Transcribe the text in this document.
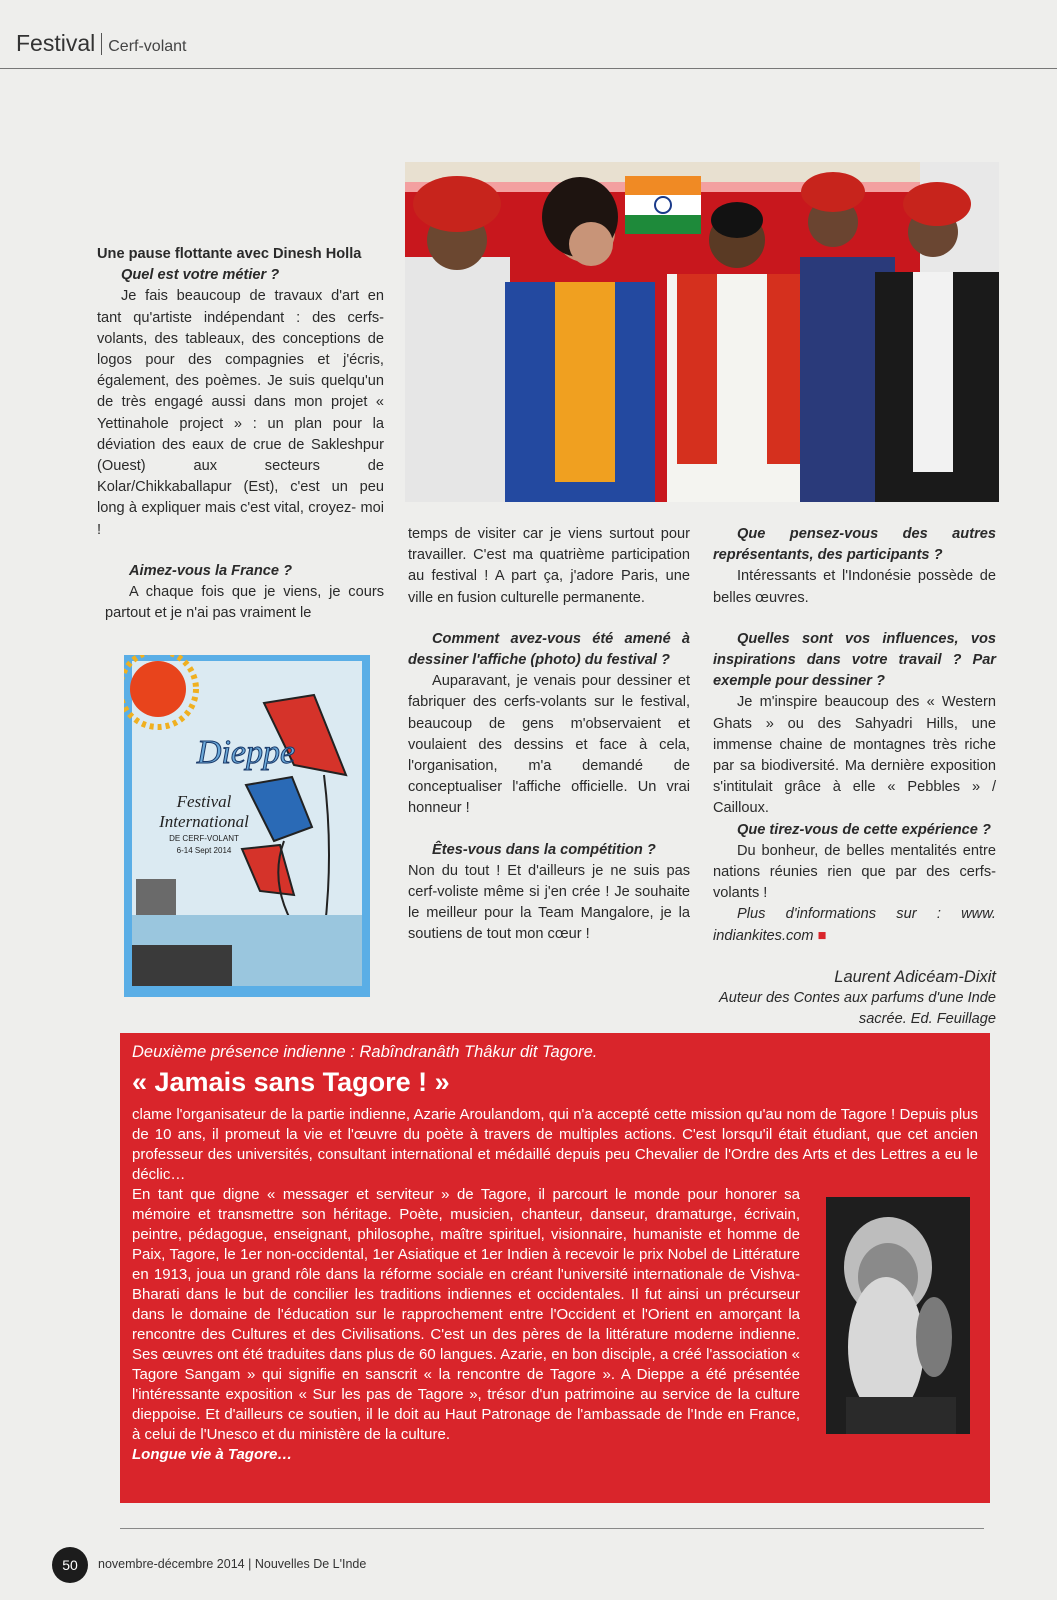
Festival Cerf-volant

Une pause flottante avec Dinesh Holla

Quel est votre métier ?

Je fais beaucoup de travaux d'art en tant qu'artiste indépendant : des cerfs-volants, des tableaux, des conceptions de logos pour des compagnies et j'écris, également, des poèmes. Je suis quelqu'un de très engagé aussi dans mon projet « Yettinahole project » : un plan pour la déviation des eaux de crue de Sakleshpur (Ouest) aux secteurs de Kolar/Chikkaballapur (Est), c'est un peu long à expliquer mais c'est vital, croyez- moi !

Aimez-vous la France ?

A chaque fois que je viens, je cours partout et je n'ai pas vraiment le

Dieppe
Festival
International
DE CERF-VOLANT
6-14 Sept 2014

temps de visiter car je viens surtout pour travailler. C'est ma quatrième participation au festival ! A part ça, j'adore Paris, une ville en fusion culturelle permanente.

Comment avez-vous été amené à dessiner l'affiche (photo) du festival ?

Auparavant, je venais pour dessiner et fabriquer des cerfs-volants sur le festival, beaucoup de gens m'observaient et voulaient des dessins et face à cela, l'organisation, m'a demandé de conceptualiser l'affiche officielle. Un vrai honneur !

Êtes-vous dans la compétition ?

Non du tout ! Et d'ailleurs je ne suis pas cerf-voliste même si j'en crée ! Je souhaite le meilleur pour la Team Mangalore, je la soutiens de tout mon cœur !

Que pensez-vous des autres représentants, des participants ?

Intéressants et l'Indonésie possède de belles œuvres.

Quelles sont vos influences, vos inspirations dans votre travail ? Par exemple pour dessiner ?

Je m'inspire beaucoup des « Western Ghats » ou des Sahyadri Hills, une immense chaine de montagnes très riche par sa biodiversité. Ma dernière exposition s'intitulait grâce à elle « Pebbles » / Cailloux.

Que tirez-vous de cette expérience ?

Du bonheur, de belles mentalités entre nations réunies rien que par des cerfs-volants !

Plus d'informations sur : www. indiankites.com ■

Laurent Adicéam-Dixit

Auteur des Contes aux parfums d'une Inde sacrée. Ed. Feuillage

Deuxième présence indienne : Rabîndranâth Thâkur dit Tagore.
« Jamais sans Tagore ! »
clame l'organisateur de la partie indienne, Azarie Aroulandom, qui n'a accepté cette mission qu'au nom de Tagore ! Depuis plus de 10 ans, il promeut la vie et l'œuvre du poète à travers de multiples actions. C'est lorsqu'il était étudiant, que cet ancien professeur des universités, consultant international et médaillé depuis peu Chevalier de l'Ordre des Arts et des Lettres a eu le déclic…
En tant que digne « messager et serviteur » de Tagore, il parcourt le monde pour honorer sa mémoire et transmettre son héritage. Poète, musicien, chanteur, danseur, dramaturge, écrivain, peintre, pédagogue, enseignant, philosophe, maître spirituel, visionnaire, humaniste et homme de Paix, Tagore, le 1er non-occidental, 1er Asiatique et 1er Indien à recevoir le prix Nobel de Littérature en 1913, joua un grand rôle dans la réforme sociale en créant l'université internationale de Vishva-Bharati dans le but de concilier les traditions indiennes et occidentales. Il fut ainsi un précurseur dans le domaine de l'éducation sur le rapprochement entre l'Occident et l'Orient en amorçant la rencontre des Cultures et des Civilisations. C'est un des pères de la littérature moderne indienne. Ses œuvres ont été traduites dans plus de 60 langues. Azarie, en bon disciple, a créé l'association « Tagore Sangam » qui signifie en sanscrit « la rencontre de Tagore ». A Dieppe a été présentée l'intéressante exposition « Sur les pas de Tagore », trésor d'un patrimoine au service de la culture dieppoise. Et d'ailleurs ce soutien, il le doit au Haut Patronage de l'ambassade de l'Inde en France, à celui de l'Unesco et du ministère de la culture.
Longue vie à Tagore…
50	novembre-décembre 2014 | Nouvelles De L'Inde
